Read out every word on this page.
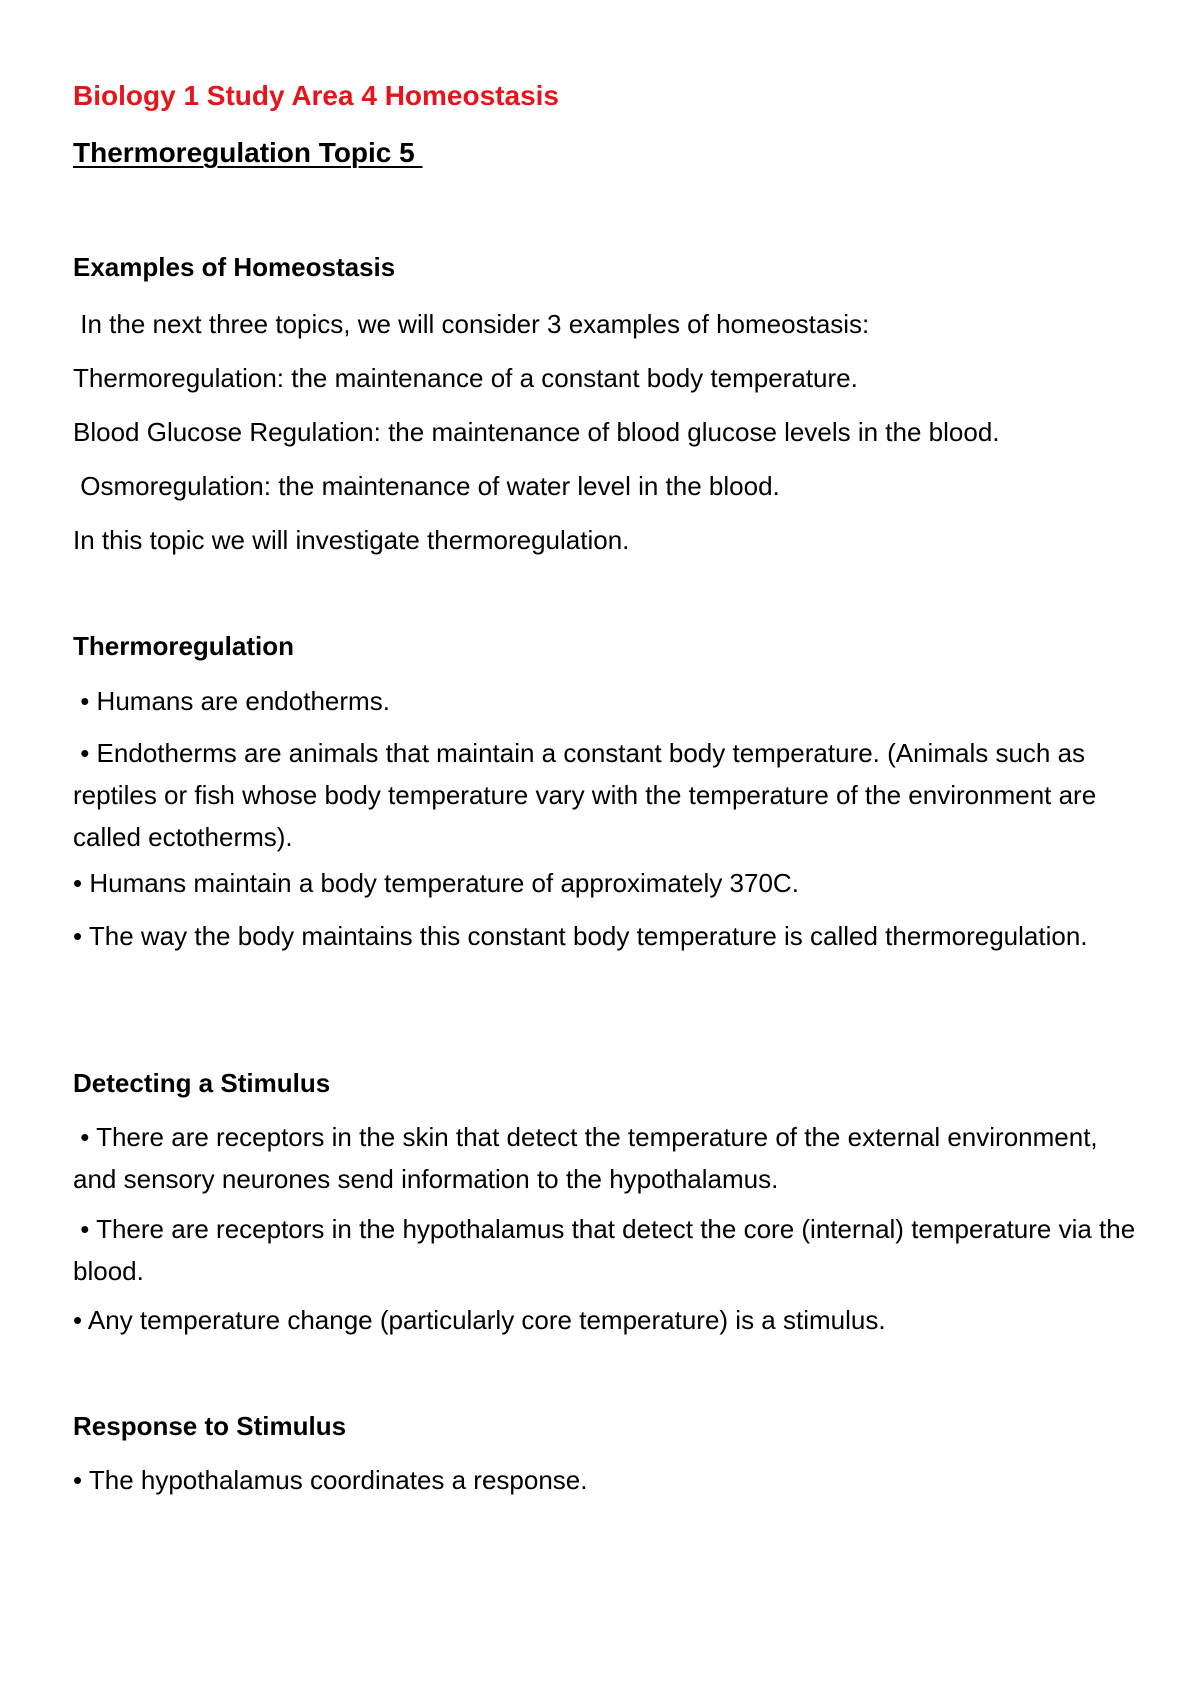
Biology 1 Study Area 4 Homeostasis
Thermoregulation Topic 5
Examples of Homeostasis
In the next three topics, we will consider 3 examples of homeostasis:
Thermoregulation: the maintenance of a constant body temperature.
Blood Glucose Regulation: the maintenance of blood glucose levels in the blood.
Osmoregulation: the maintenance of water level in the blood.
In this topic we will investigate thermoregulation.
Thermoregulation
• Humans are endotherms.
• Endotherms are animals that maintain a constant body temperature. (Animals such as reptiles or fish whose body temperature vary with the temperature of the environment are called ectotherms).
• Humans maintain a body temperature of approximately 370C.
• The way the body maintains this constant body temperature is called thermoregulation.
Detecting a Stimulus
• There are receptors in the skin that detect the temperature of the external environment, and sensory neurones send information to the hypothalamus.
• There are receptors in the hypothalamus that detect the core (internal) temperature via the blood.
• Any temperature change (particularly core temperature) is a stimulus.
Response to Stimulus
• The hypothalamus coordinates a response.
